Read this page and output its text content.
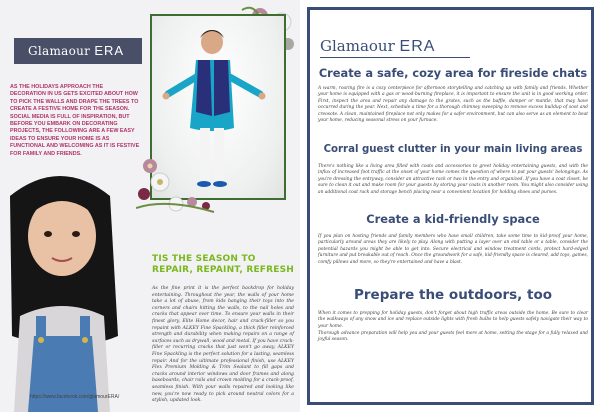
Glamaour ERA
AS THE HOLIDAYS APPROACH THE DECORATION IN US GETS EXCITED ABOUT HOW TO PICK THE WALLS AND DRAPE THE TREES TO CREATE A FESTIVE HOME FOR THE SEASON. SOCIAL MEDIA IS FULL OF INSPIRATION, BUT BEFORE YOU EMBARK ON DECORATING PROJECTS, THE FOLLOWING ARE A FEW EASY IDEAS TO ENSURE YOUR HOME IS AS FUNCTIONAL AND WELCOMING AS IT IS FESTIVE FOR FAMILY AND FRIENDS.
TIS THE SEASON TO REPAIR, REPAINT, REFRESH
As the fine print it is the perfect backdrop for holiday entertaining. Throughout the year, the walls of your home take a lot of abuse, from kids banging their toys into the corners and chairs hitting the walls, to the nail holes and cracks that appear over time. To ensure your walls in their finest glory, Elite Home decor, hair and crack-filler so you repaint with ALKEY Fine Spackling, a thick filler reinforced strength and durability when making repairs on a range of surfaces such as drywall, wood and metal. If you have crack-filler or recurring cracks that just won't go away, ALKEY Fine Spackling is the perfect solution for a lasting, seamless repair. And for the ultimate professional finish, use ALKEY Flex Premium Molding & Trim Sealant to fill gaps and cracks around interior windows and door frames and along baseboards, chair rails and crown molding for a crack-proof, seamless finish. With your walls repaired and looking like new, you're now ready to pick around neutral colors for a stylish, updated look.
https://www.facebook.com/glamourERA/
Glamaour ERA
Create a safe, cozy area for fireside chats
A warm, roaring fire is a cozy centerpiece for afternoon storytelling and catching up with family and friends. Whether your home is equipped with a gas or wood-burning fireplace, it is important to ensure the unit is in good working order. First, inspect the area and repair any damage to the grates, such as the baffle, damper or mantle, that may have occurred during the year. Next, schedule a time for a thorough chimney sweeping to remove excess buildup of soot and creosote. A clean, maintained fireplace not only makes for a safer environment, but can also serve as an element to beat your home, reducing seasonal stress on your furnace.
Corral guest clutter in your main living areas
There's nothing like a living area filled with coats and accessories to greet holiday entertaining guests, and with the influx of increased foot traffic at the onset of your home comes the question of where to put your guests' belongings. As you're dressing the entryway, consider an attractive rack or two in the entry and organized. If you have a coat closet, be sure to clean it out and make room for your guests by storing your coats in another room. You might also consider using an additional coat rack and storage bench placing near a convenient location for holding shoes and purses.
Create a kid-friendly space
If you plan on hosting friends and family members who have small children, take some time to kid-proof your home, particularly around areas they are likely to play. Along with putting a layer over an end table or a table, consider the potential hazards you might be able to get into. Secure electrical and window treatment cords, protect hard-edged furniture and put breakable out of reach. Once the groundwork for a safe, kid-friendly space is cleared, add toys, games, comfy pillows and more, so they're entertained and have a blast.
Prepare the outdoors, too
When it comes to prepping for holiday guests, don't forget about high traffic areas outside the home. Be sure to clear the walkways of any snow and ice and replace outside lights with fresh bulbs to help guests safely navigate their way to your home.
Thorough advance preparation will help you and your guests feel more at home, setting the stage for a fully relaxed and joyful season.
